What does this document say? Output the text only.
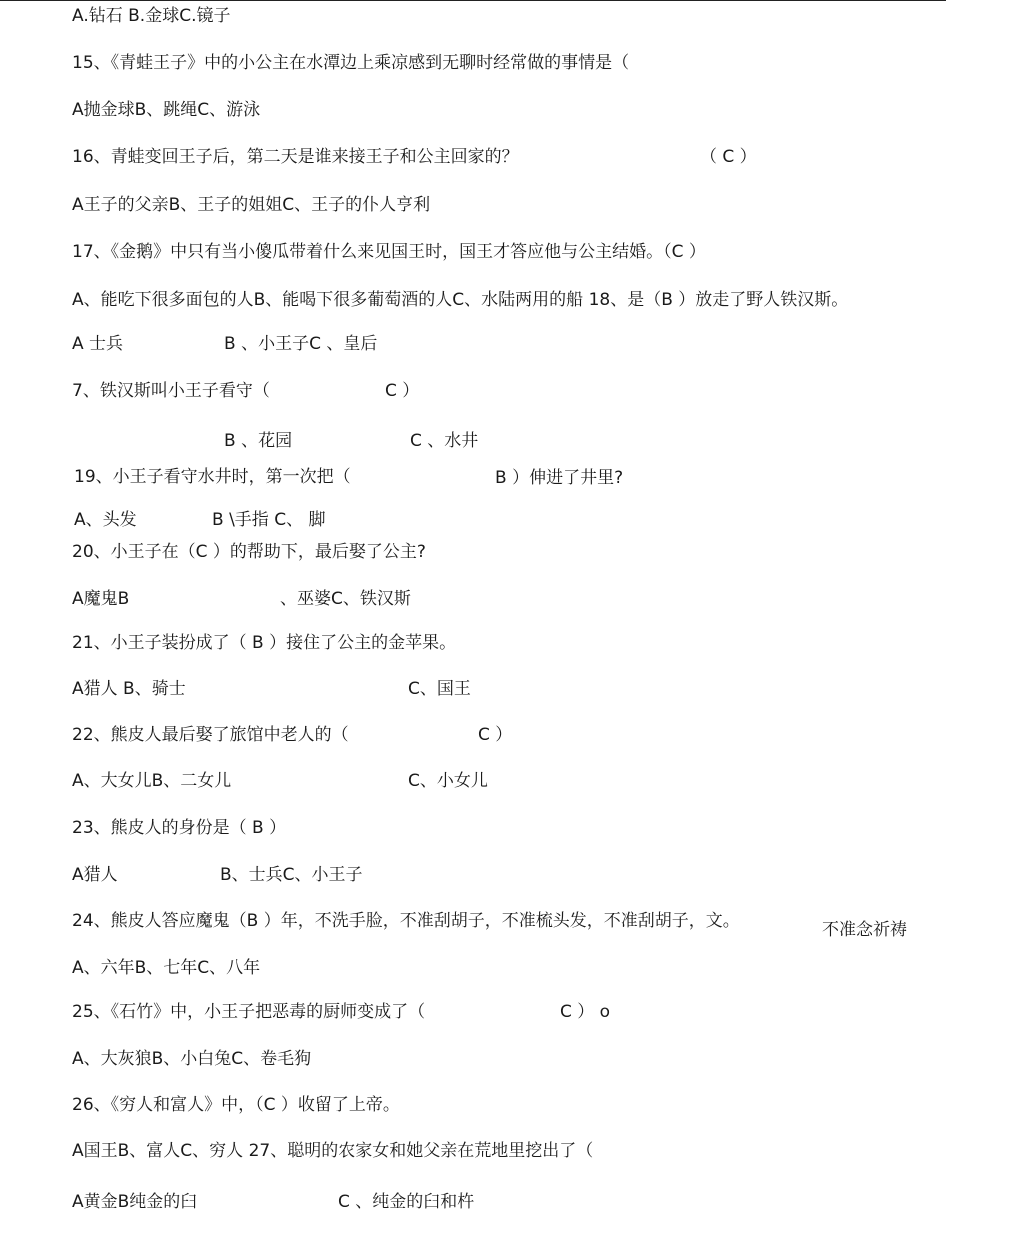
A.钻石 B.金球C.镜子
15、《青蛙王子》中的小公主在水潭边上乘凉感到无聊时经常做的事情是（
A抛金球B、跳绳C、游泳
16、青蛙变回王子后，第二天是谁来接王子和公主回家的？	（ C ）
A王子的父亲B、王子的姐姐C、王子的仆人亨利
17、《金鹅》中只有当小傻瓜带着什么来见国王时，国王才答应他与公主结婚。（C ）
A、能吃下很多面包的人B、能喝下很多葡萄酒的人C、水陆两用的船 18、是（B ）放走了野人铁汉斯。
A 士兵	B 、小王子C 、皇后
7、铁汉斯叫小王子看守（	C ）
B 、花园	C 、水井
19、小王子看守水井时，第一次把（	B ）伸进了井里?
A、头发	B \手指 C、 脚
20、小王子在（C ）的帮助下，最后娶了公主?
A魔鬼B	、巫婆C、铁汉斯
21、小王子装扮成了（ B ）接住了公主的金苹果。
A猎人 B、骑士	C、国王
22、熊皮人最后娶了旅馆中老人的（	C ）
A、大女儿B、二女儿	C、小女儿
23、熊皮人的身份是（ B ）
A猎人	B、士兵C、小王子
24、熊皮人答应魔鬼（B ）年，不洗手脸，不准刮胡子，不准梳头发，不准刮胡子，文。	不准念祈祷
A、六年B、七年C、八年
25、《石竹》中，小王子把恶毒的厨师变成了（	C ） o
A、大灰狼B、小白兔C、卷毛狗
26、《穷人和富人》中，（C ）收留了上帝。
A国王B、富人C、穷人 27、聪明的农家女和她父亲在荒地里挖出了（
A黄金B纯金的臼	C 、纯金的臼和杵
